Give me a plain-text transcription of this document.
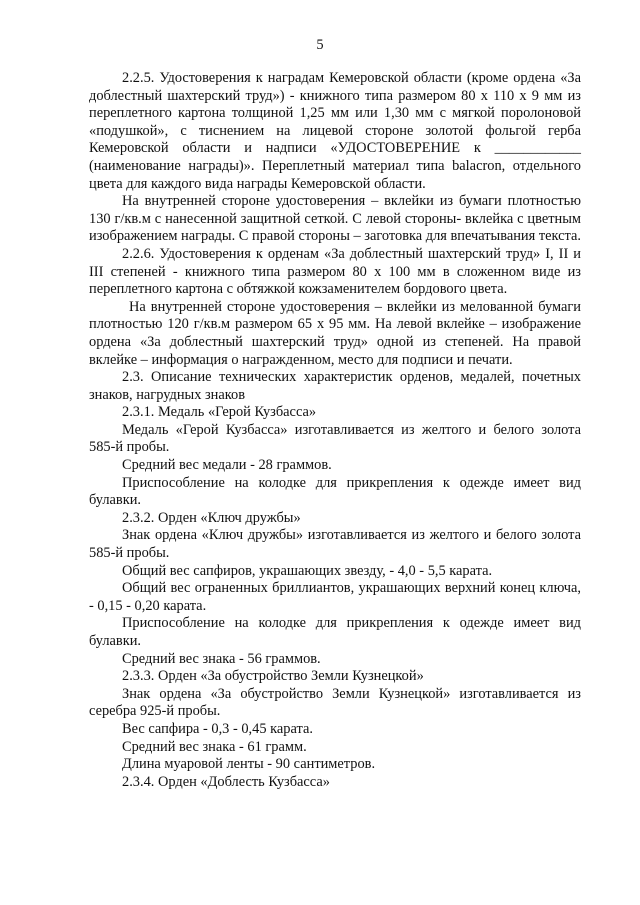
5

2.2.5. Удостоверения к наградам Кемеровской области (кроме ордена «За доблестный шахтерский труд») - книжного типа размером 80 х 110 х 9 мм из переплетного картона толщиной 1,25 мм или 1,30 мм с мягкой поролоновой «подушкой», с тиснением на лицевой стороне золотой фольгой герба Кемеровской области и надписи «УДОСТОВЕРЕНИЕ к ____________ (наименование награды)». Переплетный материал типа balacron, отдельного цвета для каждого вида награды Кемеровской области.

На внутренней стороне удостоверения – вклейки из бумаги плотностью 130 г/кв.м с нанесенной защитной сеткой. С левой стороны- вклейка с цветным изображением награды. С правой стороны – заготовка для впечатывания текста.

2.2.6. Удостоверения к орденам «За доблестный шахтерский труд» I, II и III степеней - книжного типа размером 80 х 100 мм в сложенном виде из переплетного картона с обтяжкой кожзаменителем бордового цвета.

На внутренней стороне удостоверения – вклейки из мелованной бумаги плотностью 120 г/кв.м размером 65 х 95 мм. На левой вклейке – изображение ордена «За доблестный шахтерский труд» одной из степеней. На правой вклейке – информация о награжденном, место для подписи и печати.

2.3. Описание технических характеристик орденов, медалей, почетных знаков, нагрудных знаков

2.3.1. Медаль «Герой Кузбасса»

Медаль «Герой Кузбасса» изготавливается из желтого и белого золота 585-й пробы.

Средний вес медали - 28 граммов.

Приспособление на колодке для прикрепления к одежде имеет вид булавки.

2.3.2. Орден «Ключ дружбы»

Знак ордена «Ключ дружбы» изготавливается из желтого и белого золота 585-й пробы.

Общий вес сапфиров, украшающих звезду, - 4,0 - 5,5 карата.

Общий вес ограненных бриллиантов, украшающих верхний конец ключа, - 0,15 - 0,20 карата.

Приспособление на колодке для прикрепления к одежде имеет вид булавки.

Средний вес знака - 56 граммов.

2.3.3. Орден «За обустройство Земли Кузнецкой»

Знак ордена «За обустройство Земли Кузнецкой» изготавливается из серебра 925-й пробы.

Вес сапфира - 0,3 - 0,45 карата.

Средний вес знака - 61 грамм.

Длина муаровой ленты - 90 сантиметров.

2.3.4. Орден «Доблесть Кузбасса»
